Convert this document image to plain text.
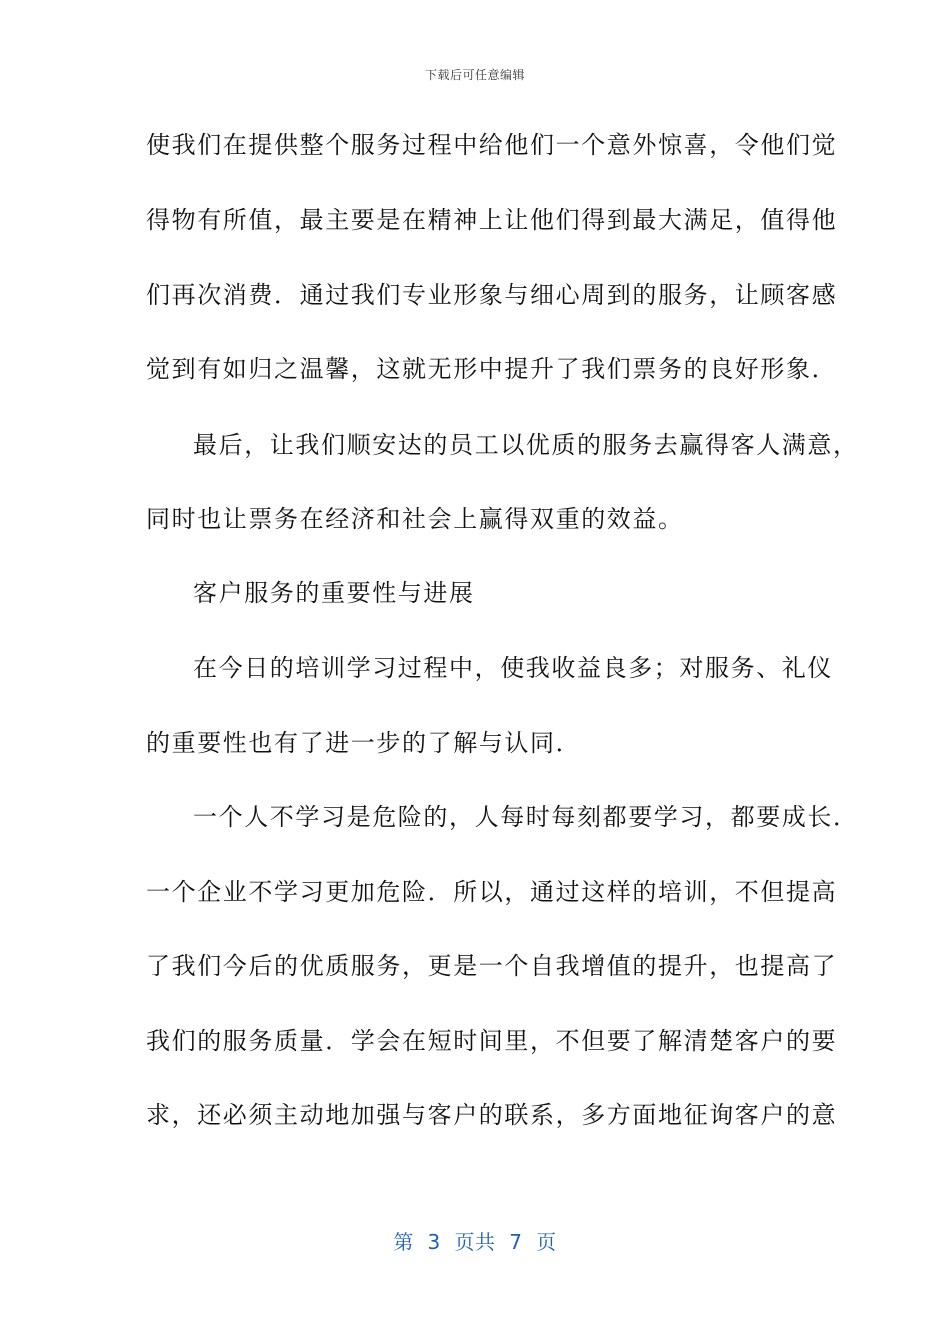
下载后可任意编辑
使我们在提供整个服务过程中给他们一个意外惊喜，令他们觉
得物有所值，最主要是在精神上让他们得到最大满足，值得他
们再次消费．通过我们专业形象与细心周到的服务，让顾客感
觉到有如归之温馨，这就无形中提升了我们票务的良好形象．
最后，让我们顺安达的员工以优质的服务去赢得客人满意，
同时也让票务在经济和社会上赢得双重的效益。
客户服务的重要性与进展
在今日的培训学习过程中，使我收益良多；对服务、礼仪
的重要性也有了进一步的了解与认同．
一个人不学习是危险的，人每时每刻都要学习，都要成长．
一个企业不学习更加危险．所以，通过这样的培训，不但提高
了我们今后的优质服务，更是一个自我增值的提升，也提高了
我们的服务质量．学会在短时间里，不但要了解清楚客户的要
求，还必须主动地加强与客户的联系，多方面地征询客户的意
第  3  页共  7  页
